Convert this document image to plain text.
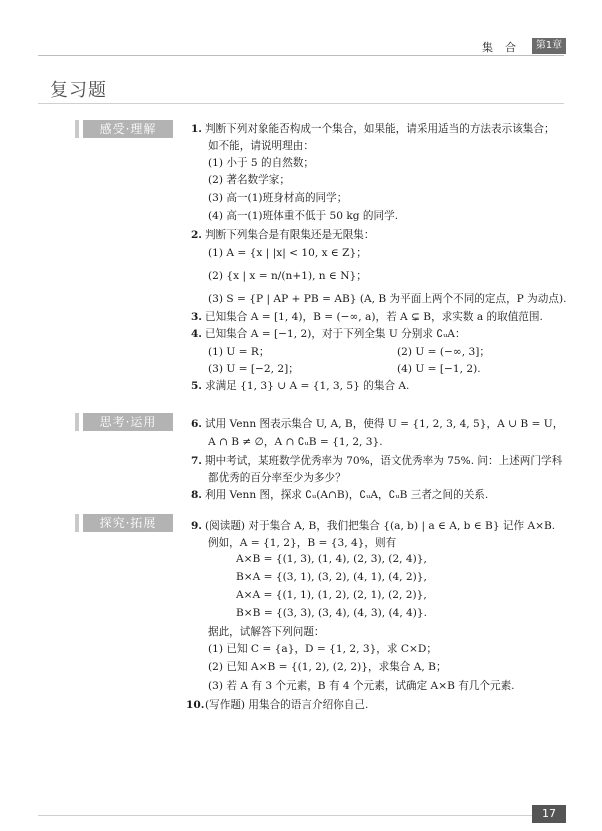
集合 第1章
复习题
感受·理解
思考·运用
探究·拓展
1. 判断下列对象能否构成一个集合，如果能，请采用适当的方法表示该集合；
如不能，请说明理由：
(1) 小于 5 的自然数；
(2) 著名数学家；
(3) 高一(1)班身材高的同学；
(4) 高一(1)班体重不低于 50 kg 的同学.
2. 判断下列集合是有限集还是无限集：
(1) A = {x | |x| < 10, x ∈ Z}；
(2) {x | x = n/(n+1), n ∈ N}；
(3) S = {P | AP + PB = AB} (A, B 为平面上两个不同的定点，P 为动点).
3. 已知集合 A = [1, 4)，B = (−∞, a)，若 A ⊊ B，求实数 a 的取值范围.
4. 已知集合 A = [−1, 2)，对于下列全集 U 分别求 ∁ᵤA：
(1) U = R；	(2) U = (−∞, 3]；
(3) U = [−2, 2]；	(4) U = [−1, 2).
5. 求满足 {1, 3} ∪ A = {1, 3, 5} 的集合 A.
6. 试用 Venn 图表示集合 U, A, B，使得 U = {1, 2, 3, 4, 5}，A ∪ B = U，
A ∩ B ≠ ∅，A ∩ ∁ᵤB = {1, 2, 3}.
7. 期中考试，某班数学优秀率为 70%，语文优秀率为 75%. 问：上述两门学科
都优秀的百分率至少为多少？
8. 利用 Venn 图，探求 ∁ᵤ(A∩B)，∁ᵤA，∁ᵤB 三者之间的关系.
9. (阅读题) 对于集合 A, B，我们把集合 {(a, b) | a ∈ A, b ∈ B} 记作 A×B.
例如，A = {1, 2}，B = {3, 4}，则有
A×B = {(1, 3), (1, 4), (2, 3), (2, 4)},
B×A = {(3, 1), (3, 2), (4, 1), (4, 2)},
A×A = {(1, 1), (1, 2), (2, 1), (2, 2)},
B×B = {(3, 3), (3, 4), (4, 3), (4, 4)}.
据此，试解答下列问题：
(1) 已知 C = {a}，D = {1, 2, 3}，求 C×D；
(2) 已知 A×B = {(1, 2), (2, 2)}，求集合 A, B；
(3) 若 A 有 3 个元素，B 有 4 个元素，试确定 A×B 有几个元素.
10.(写作题) 用集合的语言介绍你自己.
17
